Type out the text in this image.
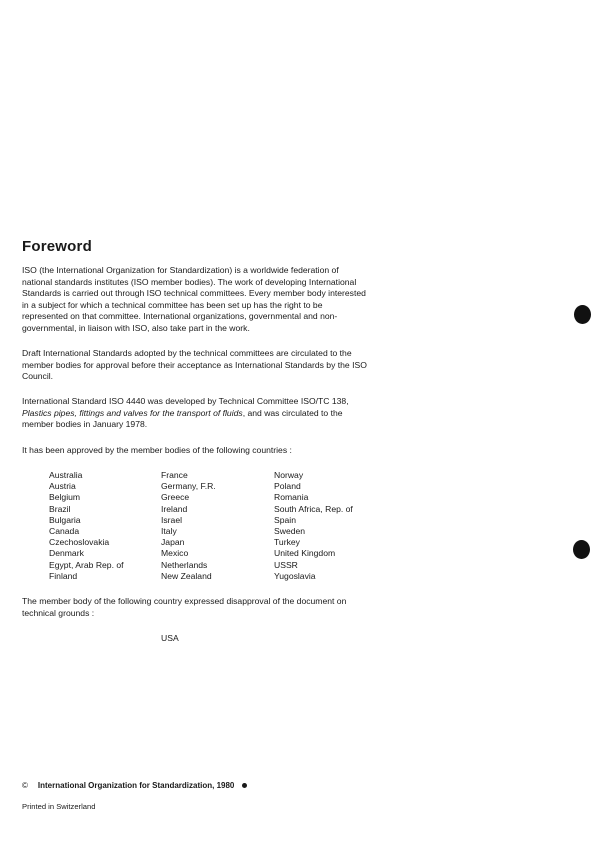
Foreword

ISO (the International Organization for Standardization) is a worldwide federation of national standards institutes (ISO member bodies). The work of developing International Standards is carried out through ISO technical committees. Every member body interested in a subject for which a technical committee has been set up has the right to be represented on that committee. International organizations, governmental and non-governmental, in liaison with ISO, also take part in the work.

Draft International Standards adopted by the technical committees are circulated to the member bodies for approval before their acceptance as International Standards by the ISO Council.

International Standard ISO 4440 was developed by Technical Committee ISO/TC 138, Plastics pipes, fittings and valves for the transport of fluids, and was circulated to the member bodies in January 1978.

It has been approved by the member bodies of the following countries :

Australia
Austria
Belgium
Brazil
Bulgaria
Canada
Czechoslovakia
Denmark
Egypt, Arab Rep. of
Finland
France
Germany, F.R.
Greece
Ireland
Israel
Italy
Japan
Mexico
Netherlands
New Zealand
Norway
Poland
Romania
South Africa, Rep. of
Spain
Sweden
Turkey
United Kingdom
USSR
Yugoslavia

The member body of the following country expressed disapproval of the document on technical grounds :

USA
© International Organization for Standardization, 1980
Printed in Switzerland
